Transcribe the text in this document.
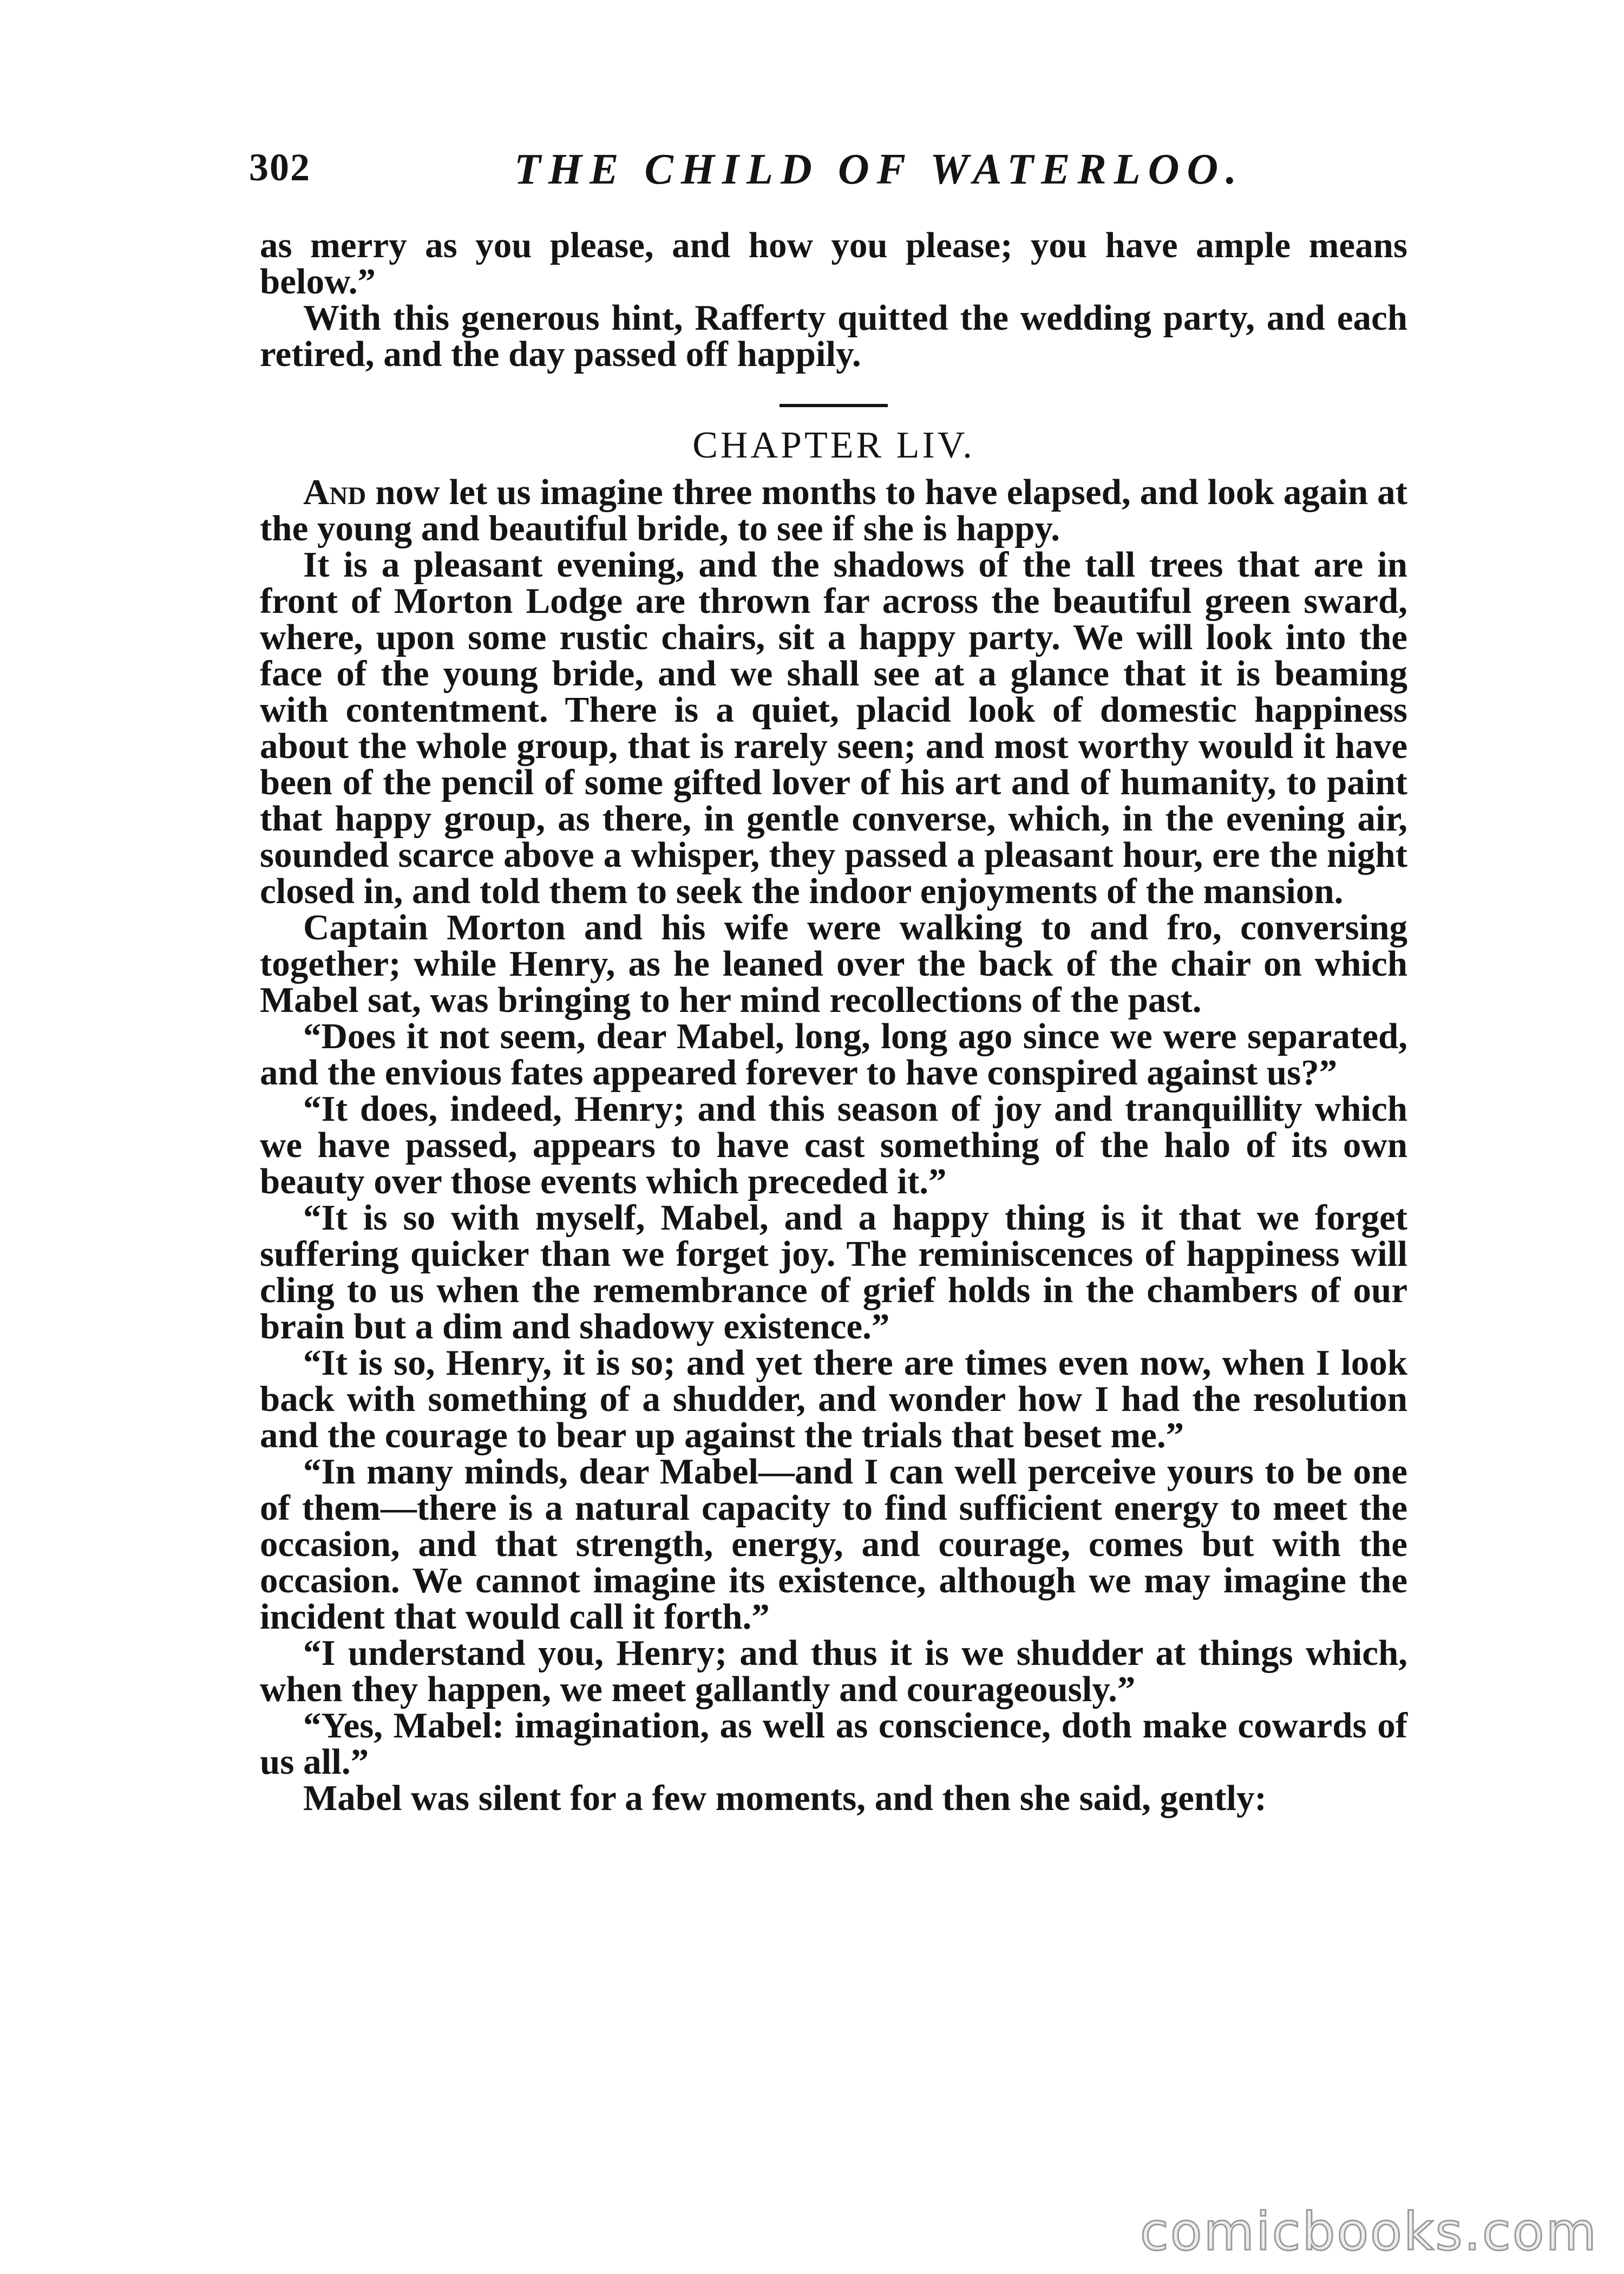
302	THE CHILD OF WATERLOO.

as merry as you please, and how you please; you have ample means below.”

With this generous hint, Rafferty quitted the wedding party, and each retired, and the day passed off happily.

CHAPTER LIV.

And now let us imagine three months to have elapsed, and look again at the young and beautiful bride, to see if she is happy.

It is a pleasant evening, and the shadows of the tall trees that are in front of Morton Lodge are thrown far across the beautiful green sward, where, upon some rustic chairs, sit a happy party. We will look into the face of the young bride, and we shall see at a glance that it is beaming with contentment. There is a quiet, placid look of domestic happiness about the whole group, that is rarely seen; and most worthy would it have been of the pencil of some gifted lover of his art and of humanity, to paint that happy group, as there, in gentle converse, which, in the evening air, sounded scarce above a whisper, they passed a pleasant hour, ere the night closed in, and told them to seek the indoor enjoyments of the mansion.

Captain Morton and his wife were walking to and fro, conversing together; while Henry, as he leaned over the back of the chair on which Mabel sat, was bringing to her mind recollections of the past.

“Does it not seem, dear Mabel, long, long ago since we were separated, and the envious fates appeared forever to have conspired against us?”

“It does, indeed, Henry; and this season of joy and tranquillity which we have passed, appears to have cast something of the halo of its own beauty over those events which preceded it.”

“It is so with myself, Mabel, and a happy thing is it that we forget suffering quicker than we forget joy. The reminiscences of happiness will cling to us when the remembrance of grief holds in the chambers of our brain but a dim and shadowy existence.”

“It is so, Henry, it is so; and yet there are times even now, when I look back with something of a shudder, and wonder how I had the resolution and the courage to bear up against the trials that beset me.”

“In many minds, dear Mabel—and I can well perceive yours to be one of them—there is a natural capacity to find sufficient energy to meet the occasion, and that strength, energy, and courage, comes but with the occasion. We cannot imagine its existence, although we may imagine the incident that would call it forth.”

“I understand you, Henry; and thus it is we shudder at things which, when they happen, we meet gallantly and courageously.”

“Yes, Mabel: imagination, as well as conscience, doth make cowards of us all.”

Mabel was silent for a few moments, and then she said, gently:

comicbooks.com
